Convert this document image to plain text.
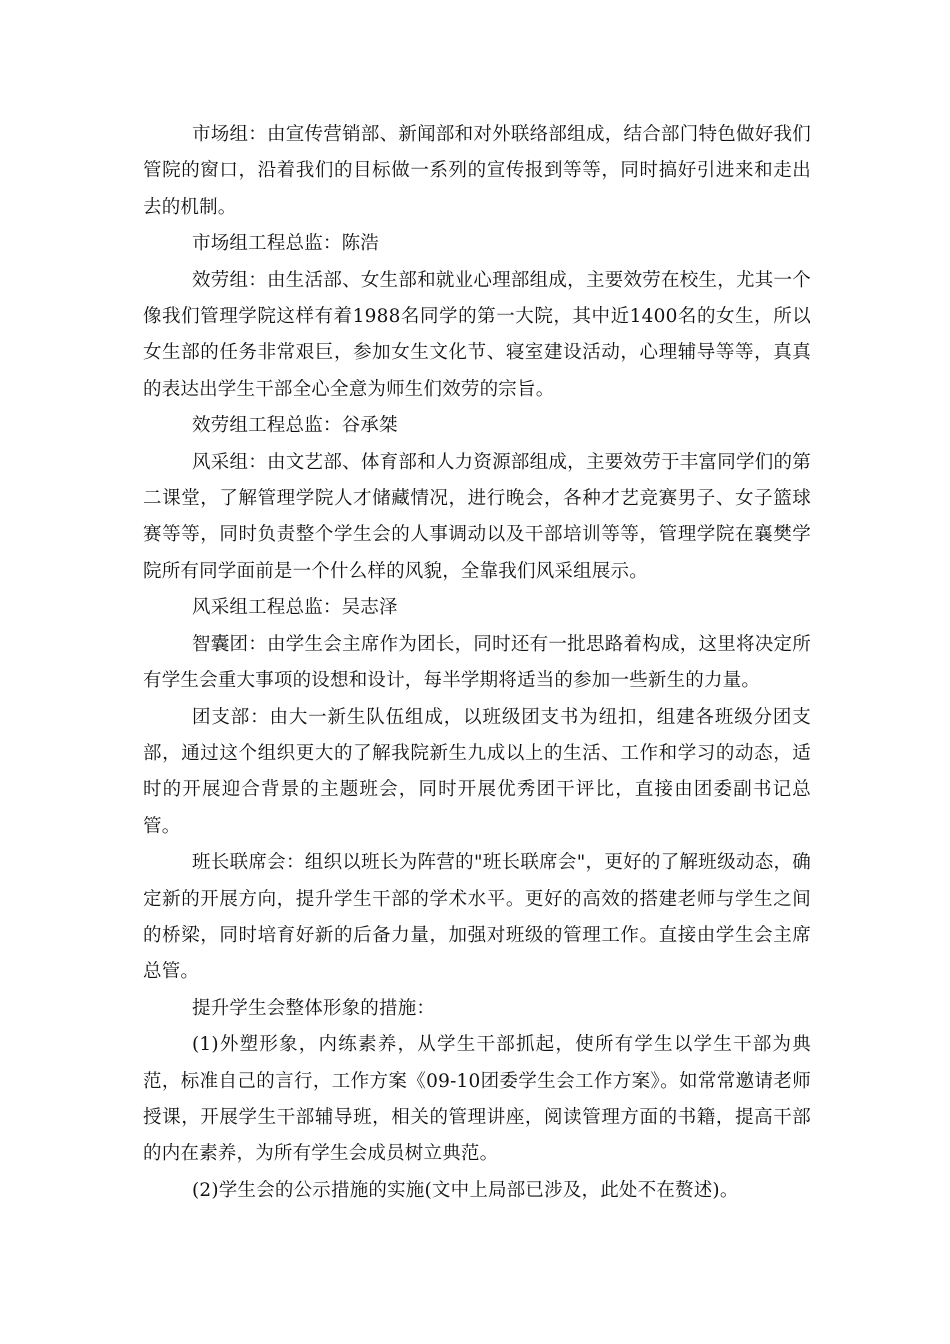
市场组：由宣传营销部、新闻部和对外联络部组成，结合部门特色做好我们管院的窗口，沿着我们的目标做一系列的宣传报到等等，同时搞好引进来和走出去的机制。

市场组工程总监：陈浩

效劳组：由生活部、女生部和就业心理部组成，主要效劳在校生，尤其一个像我们管理学院这样有着1988名同学的第一大院，其中近1400名的女生，所以女生部的任务非常艰巨，参加女生文化节、寝室建设活动，心理辅导等等，真真的表达出学生干部全心全意为师生们效劳的宗旨。

效劳组工程总监：谷承桀

风采组：由文艺部、体育部和人力资源部组成，主要效劳于丰富同学们的第二课堂，了解管理学院人才储藏情况，进行晚会，各种才艺竞赛男子、女子篮球赛等等，同时负责整个学生会的人事调动以及干部培训等等，管理学院在襄樊学院所有同学面前是一个什么样的风貌，全靠我们风采组展示。

风采组工程总监：吴志泽

智囊团：由学生会主席作为团长，同时还有一批思路着构成，这里将决定所有学生会重大事项的设想和设计，每半学期将适当的参加一些新生的力量。

团支部：由大一新生队伍组成，以班级团支书为纽扣，组建各班级分团支部，通过这个组织更大的了解我院新生九成以上的生活、工作和学习的动态，适时的开展迎合背景的主题班会，同时开展优秀团干评比，直接由团委副书记总管。

班长联席会：组织以班长为阵营的"班长联席会"，更好的了解班级动态，确定新的开展方向，提升学生干部的学术水平。更好的高效的搭建老师与学生之间的桥梁，同时培育好新的后备力量，加强对班级的管理工作。直接由学生会主席总管。

提升学生会整体形象的措施：

(1)外塑形象，内练素养，从学生干部抓起，使所有学生以学生干部为典范，标准自己的言行，工作方案《09-10团委学生会工作方案》。如常常邀请老师授课，开展学生干部辅导班，相关的管理讲座，阅读管理方面的书籍，提高干部的内在素养，为所有学生会成员树立典范。

(2)学生会的公示措施的实施(文中上局部已涉及，此处不在赘述)。
